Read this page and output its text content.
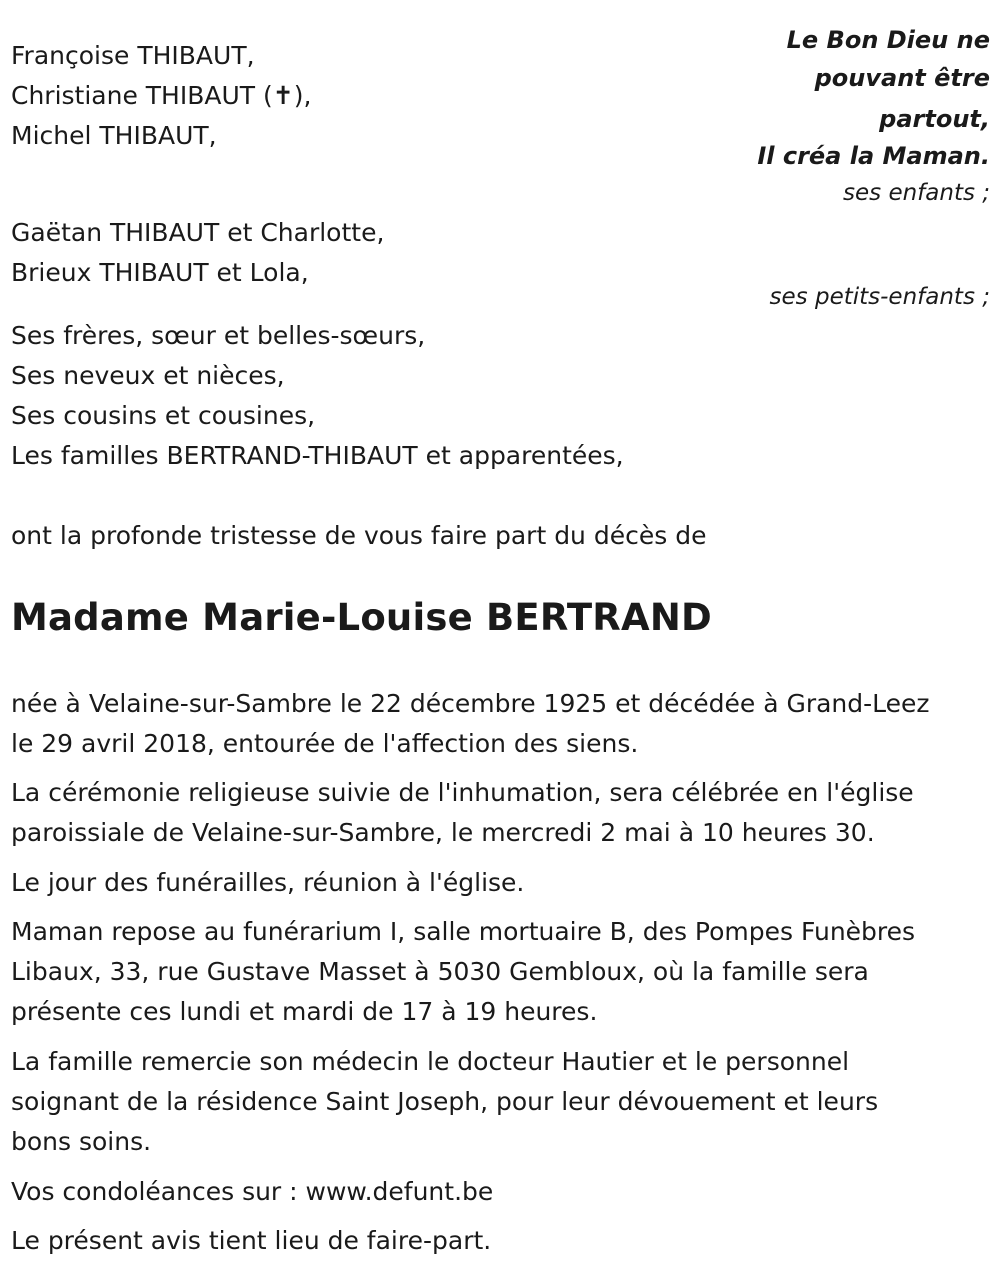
Françoise THIBAUT,
Christiane THIBAUT (✝),
Michel THIBAUT,
Le Bon Dieu ne
pouvant être
partout,
Il créa la Maman.
ses enfants ;
Gaëtan THIBAUT et Charlotte,
Brieux THIBAUT et Lola,
ses petits-enfants ;
Ses frères, sœur et belles-sœurs,
Ses neveux et nièces,
Ses cousins et cousines,
Les familles BERTRAND-THIBAUT et apparentées,
ont la profonde tristesse de vous faire part du décès de
Madame Marie-Louise BERTRAND
née à Velaine-sur-Sambre le 22 décembre 1925 et décédée à Grand-Leez
le 29 avril 2018, entourée de l'affection des siens.
La cérémonie religieuse suivie de l'inhumation, sera célébrée en l'église
paroissiale de Velaine-sur-Sambre, le mercredi 2 mai à 10 heures 30.
Le jour des funérailles, réunion à l'église.
Maman repose au funérarium I, salle mortuaire B, des Pompes Funèbres
Libaux, 33, rue Gustave Masset à 5030 Gembloux, où la famille sera
présente ces lundi et mardi de 17 à 19 heures.
La famille remercie son médecin le docteur Hautier et le personnel
soignant de la résidence Saint Joseph, pour leur dévouement et leurs
bons soins.
Vos condoléances sur : www.defunt.be
Le présent avis tient lieu de faire-part.
